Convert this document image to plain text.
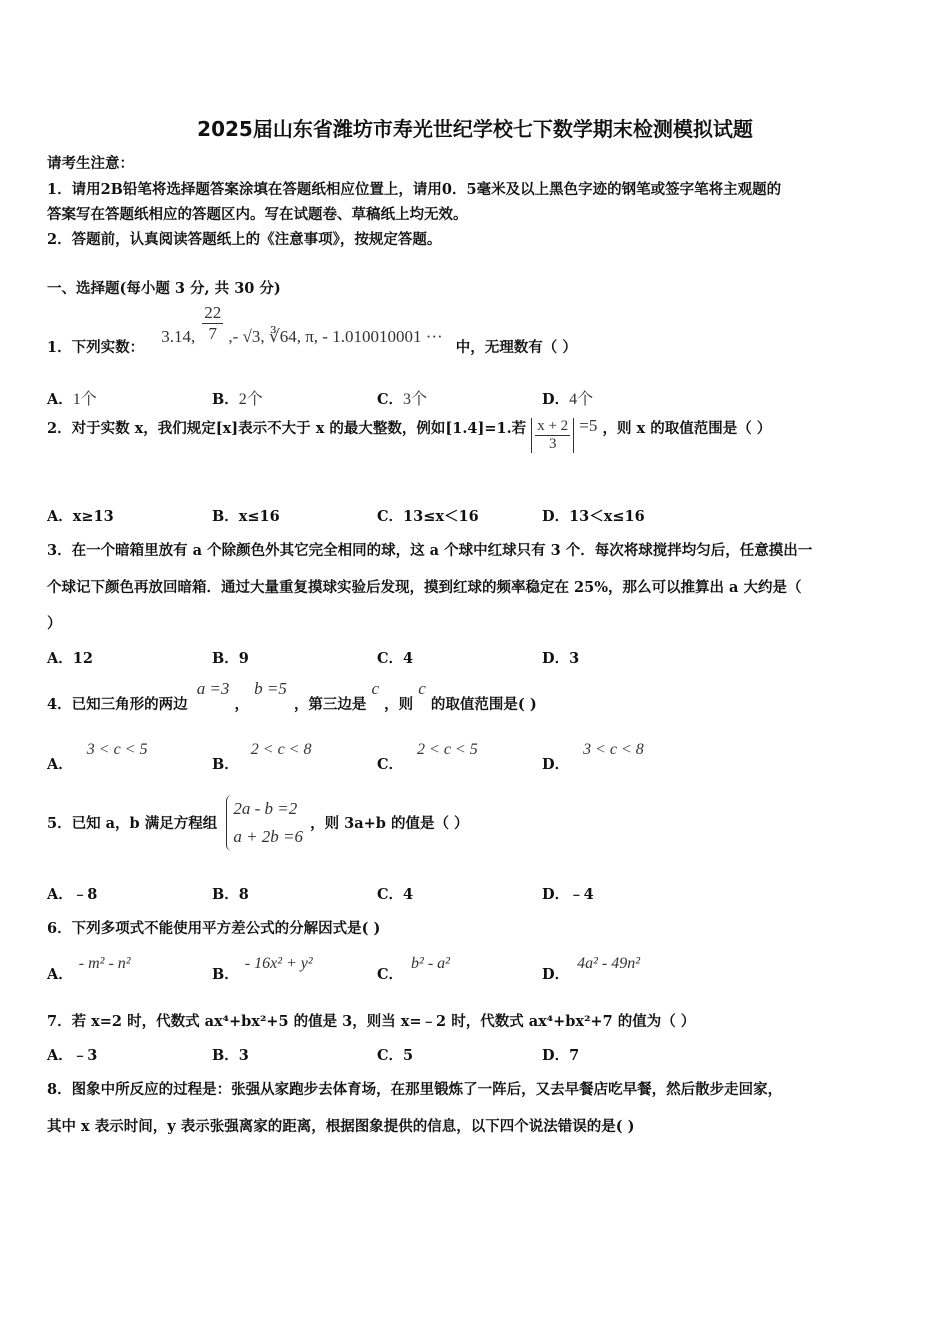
2025届山东省潍坊市寿光世纪学校七下数学期末检测模拟试题
请考生注意：
1．请用2B铅笔将选择题答案涂填在答题纸相应位置上，请用0．5毫米及以上黑色字迹的钢笔或签字笔将主观题的
答案写在答题纸相应的答题区内。写在试题卷、草稿纸上均无效。
2．答题前，认真阅读答题纸上的《注意事项》，按规定答题。
一、选择题(每小题 3 分, 共 30 分)
1．下列实数： 3.14, $\frac{22}{7}$ ,- √3, ∛64, π, - 1.010010001 ··· 中，无理数有（ ）
A．1个	B．2个	C．3个	D．4个
2．对于实数 x，我们规定[x]表示不大于 x 的最大整数，例如[1.4]=1.若 $\frac{x + 2}{3} =5$ ，则 x 的取值范围是（ ）
A．x≥13	B．x≤16	C．13≤x＜16	D．13＜x≤16
3．在一个暗箱里放有 a 个除颜色外其它完全相同的球，这 a 个球中红球只有 3 个．每次将球搅拌均匀后，任意摸出一
个球记下颜色再放回暗箱．通过大量重复摸球实验后发现，摸到红球的频率稳定在 25%，那么可以推算出 a 大约是（
）
A．12	B．9	C．4	D．3
4．已知三角形的两边 a =3 ， b =5 ，第三边是 c ，则 c 的取值范围是( )
A．3 < c < 5
B．2 < c < 8
C．2 < c < 5
D．3 < c < 8
5．已知 a，b 满足方程组
2a - b =2
a + 2b =6
，则 3a+b 的值是（ ）
A．﹣8	B．8	C．4	D．﹣4
6．下列多项式不能使用平方差公式的分解因式是( )
A．- m² - n²
B．- 16x² + y²
C．b² - a²
D．4a² - 49n²
7．若 x=2 时，代数式 ax⁴+bx²+5 的值是 3，则当 x=﹣2 时，代数式 ax⁴+bx²+7 的值为（ ）
A．﹣3	B．3	C．5	D．7
8．图象中所反应的过程是：张强从家跑步去体育场，在那里锻炼了一阵后，又去早餐店吃早餐，然后散步走回家，
其中 x 表示时间，y 表示张强离家的距离，根据图象提供的信息，以下四个说法错误的是( )
